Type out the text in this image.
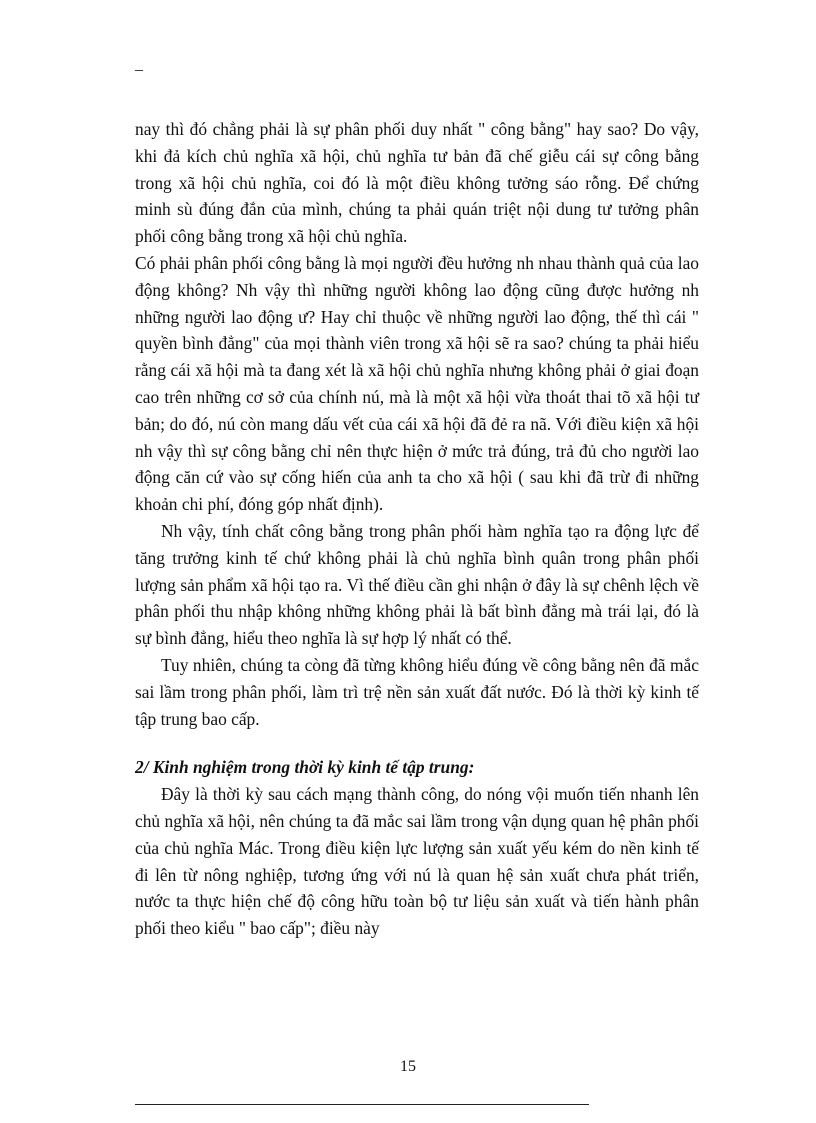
_

nay thì đó chẳng phải là sự phân phối duy nhất " công bằng" hay sao? Do vậy, khi đả kích chủ nghĩa xã hội, chủ nghĩa tư bản đã chế giễu cái sự công bằng trong xã hội chủ nghĩa, coi đó là một điều không tưởng sáo rỗng. Để chứng minh sù đúng đắn của mình, chúng ta phải quán triệt nội dung tư tưởng phân phối công bằng trong xã hội chủ nghĩa.

Có phải phân phối công bằng là mọi người đều hưởng nh nhau thành quả của lao động không? Nh vậy thì những người không lao động cũng được hưởng nh những người lao động ư? Hay chỉ thuộc về những người lao động, thế thì cái " quyền bình đẳng" của mọi thành viên trong xã hội sẽ ra sao? chúng ta phải hiểu rằng cái xã hội mà ta đang xét là xã hội chủ nghĩa nhưng không phải ở giai đoạn cao trên những cơ sở của chính nú, mà là một xã hội vừa thoát thai tõ xã hội tư bản; do đó, nú còn mang dấu vết của cái xã hội đã đẻ ra nã. Với điều kiện xã hội nh vậy thì sự công bằng chỉ nên thực hiện ở mức trả đúng, trả đủ cho người lao động căn cứ vào sự cống hiến của anh ta cho xã hội ( sau khi đã trừ đi những khoản chi phí, đóng góp nhất định).

Nh vậy, tính chất công bằng trong phân phối hàm nghĩa tạo ra động lực để tăng trưởng kinh tế chứ không phải là chủ nghĩa bình quân trong phân phối lượng sản phẩm xã hội tạo ra. Vì thế điều cần ghi nhận ở đây là sự chênh lệch về phân phối thu nhập không những không phải là bất bình đẳng mà trái lại, đó là sự bình đẳng, hiểu theo nghĩa là sự hợp lý nhất có thể.

Tuy nhiên, chúng ta còng đã từng không hiểu đúng về công bằng nên đã mắc sai lầm trong phân phối, làm trì trệ nền sản xuất đất nước. Đó là thời kỳ kinh tế tập trung bao cấp.

2/ Kinh nghiệm trong thời kỳ kinh tế tập trung:

Đây là thời kỳ sau cách mạng thành công, do nóng vội muốn tiến nhanh lên chủ nghĩa xã hội, nên chúng ta đã mắc sai lầm trong vận dụng quan hệ phân phối của chủ nghĩa Mác. Trong điều kiện lực lượng sản xuất yếu kém do nền kinh tế đi lên từ nông nghiệp, tương ứng với nú là quan hệ sản xuất chưa phát triển, nước ta thực hiện chế độ công hữu toàn bộ tư liệu sản xuất và tiến hành phân phối theo kiểu " bao cấp"; điều này

15
